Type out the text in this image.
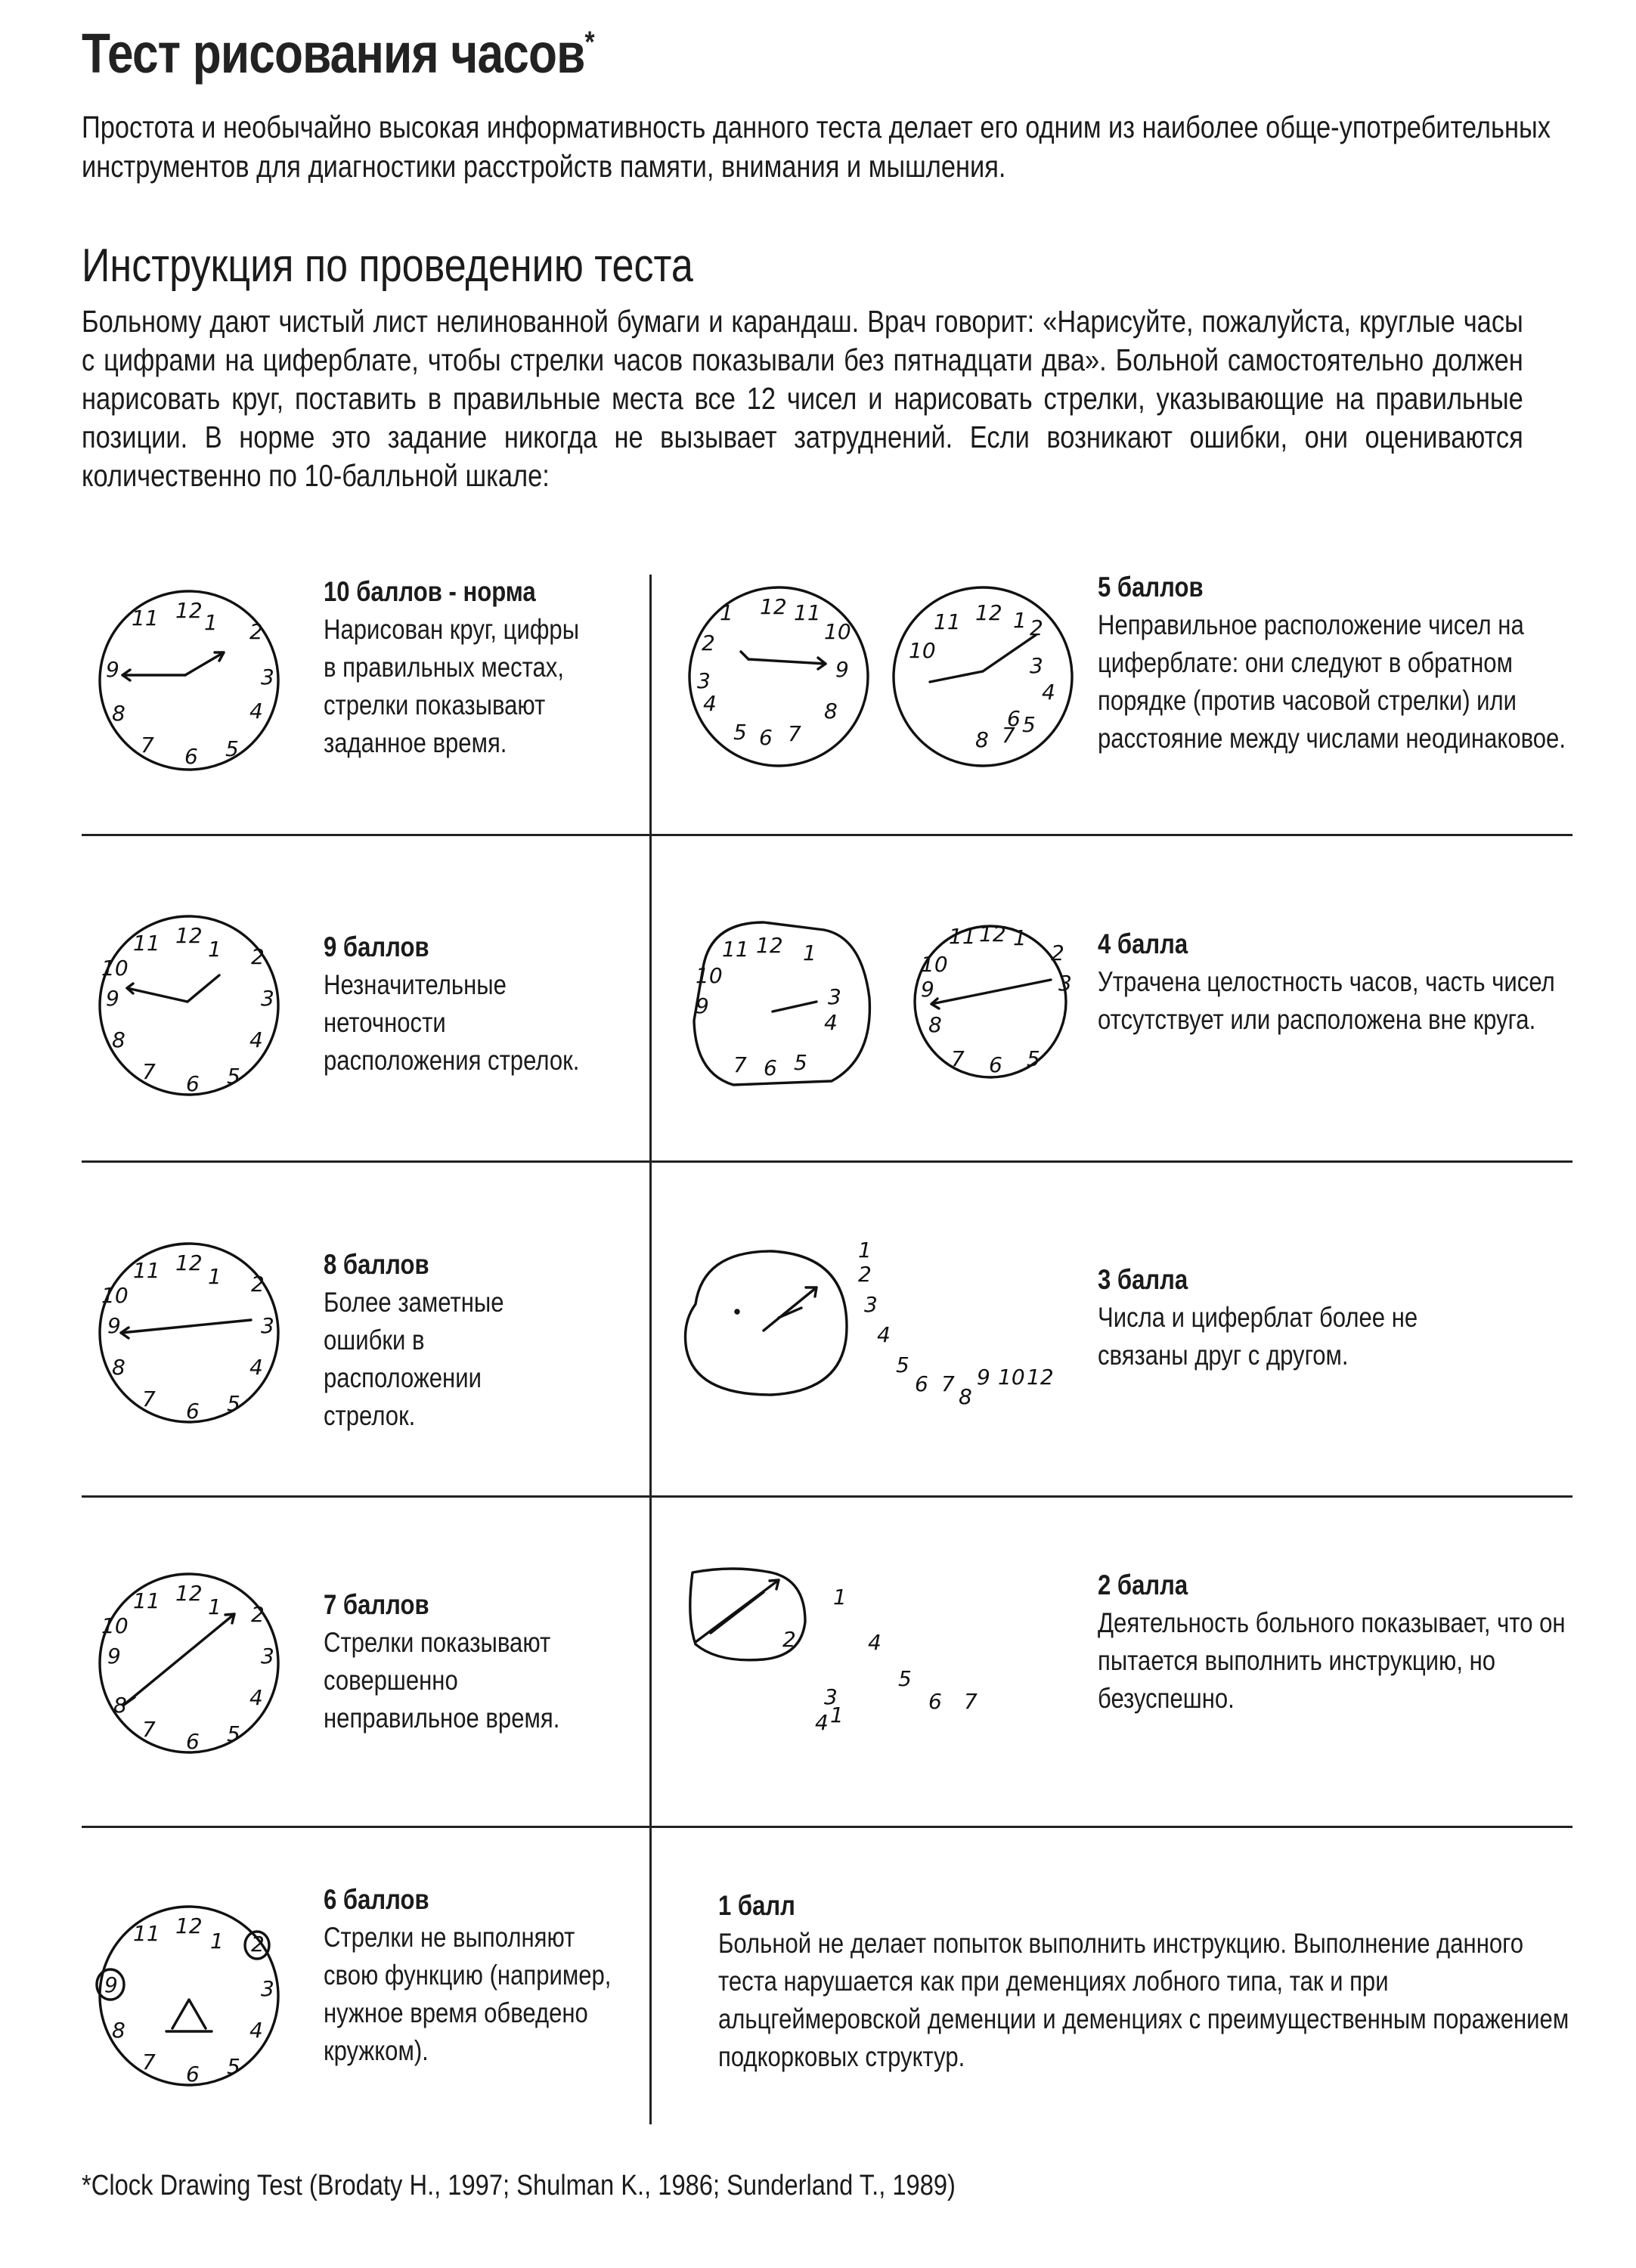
Тест рисования часов*

Простота и необычайно высокая информативность данного теста делает его одним из наиболее обще-употребительных инструментов для диагностики расстройств памяти, внимания и мышления.

Инструкция по проведению теста

Больному дают чистый лист нелинованной бумаги и карандаш. Врач говорит: «Нарисуйте, пожалуйста, круглые часы с цифрами на циферблате, чтобы стрелки часов показывали без пятнадцати два». Больной самостоятельно должен нарисовать круг, поставить в правильные места все 12 чисел и нарисовать стрелки, указывающие на правильные позиции. В норме это задание никогда не вызывает затруднений. Если возникают ошибки, они оцениваются количественно по 10-балльной шкале:

12
11 1 2
3
9
8	4
7 6 5

10 баллов - норма

Нарисован круг, цифры в правильных местах, стрелки показывают заданное время.

12
11 1
10	2
3
9
8	4
7 6 5

9 баллов

Незначительные неточности расположения стрелок.

12
11 1
10	2
3
9
8	4
7 6 5

8 баллов

Более заметные ошибки в расположении стрелок.

12
11 1
10	2
3
9
4
7 6 5
8

7 баллов

Стрелки показывают совершенно неправильное время.

12
11 1 2
3
9
8	4
7 6 5

6 баллов

Стрелки не выполняют свою функцию (например, нужное время обведено кружком).

12 11
1
10
2
9
3
8
4
5 6 7
12
11
10
1 2
3
4
5
7
8
6

5 баллов

Неправильное расположение чисел на циферблате: они следуют в обратном порядке (против часовой стрелки) или расстояние между числами неодинаковое.

12
11	1
10
9	3
4
7 6 5
11 12 1
2
3
10
9
8
7 6 5

4 балла

Утрачена целостность часов, часть чисел отсутствует или расположена вне круга.

1
2
3
4
5
6 7
8
9 10 12

3 балла

Числа и циферблат более не связаны друг с другом.

2
1
4
5
6 7
3
4 1

2 балла

Деятельность больного показывает, что он пытается выполнить инструкцию, но безуспешно.

1 балл

Больной не делает попыток выполнить инструкцию. Выполнение данного теста нарушается как при деменциях лобного типа, так и при альцгеймеровской деменции и деменциях с преимущественным поражением подкорковых структур.

*Clock Drawing Test (Brodaty H., 1997; Shulman K., 1986; Sunderland T., 1989)
